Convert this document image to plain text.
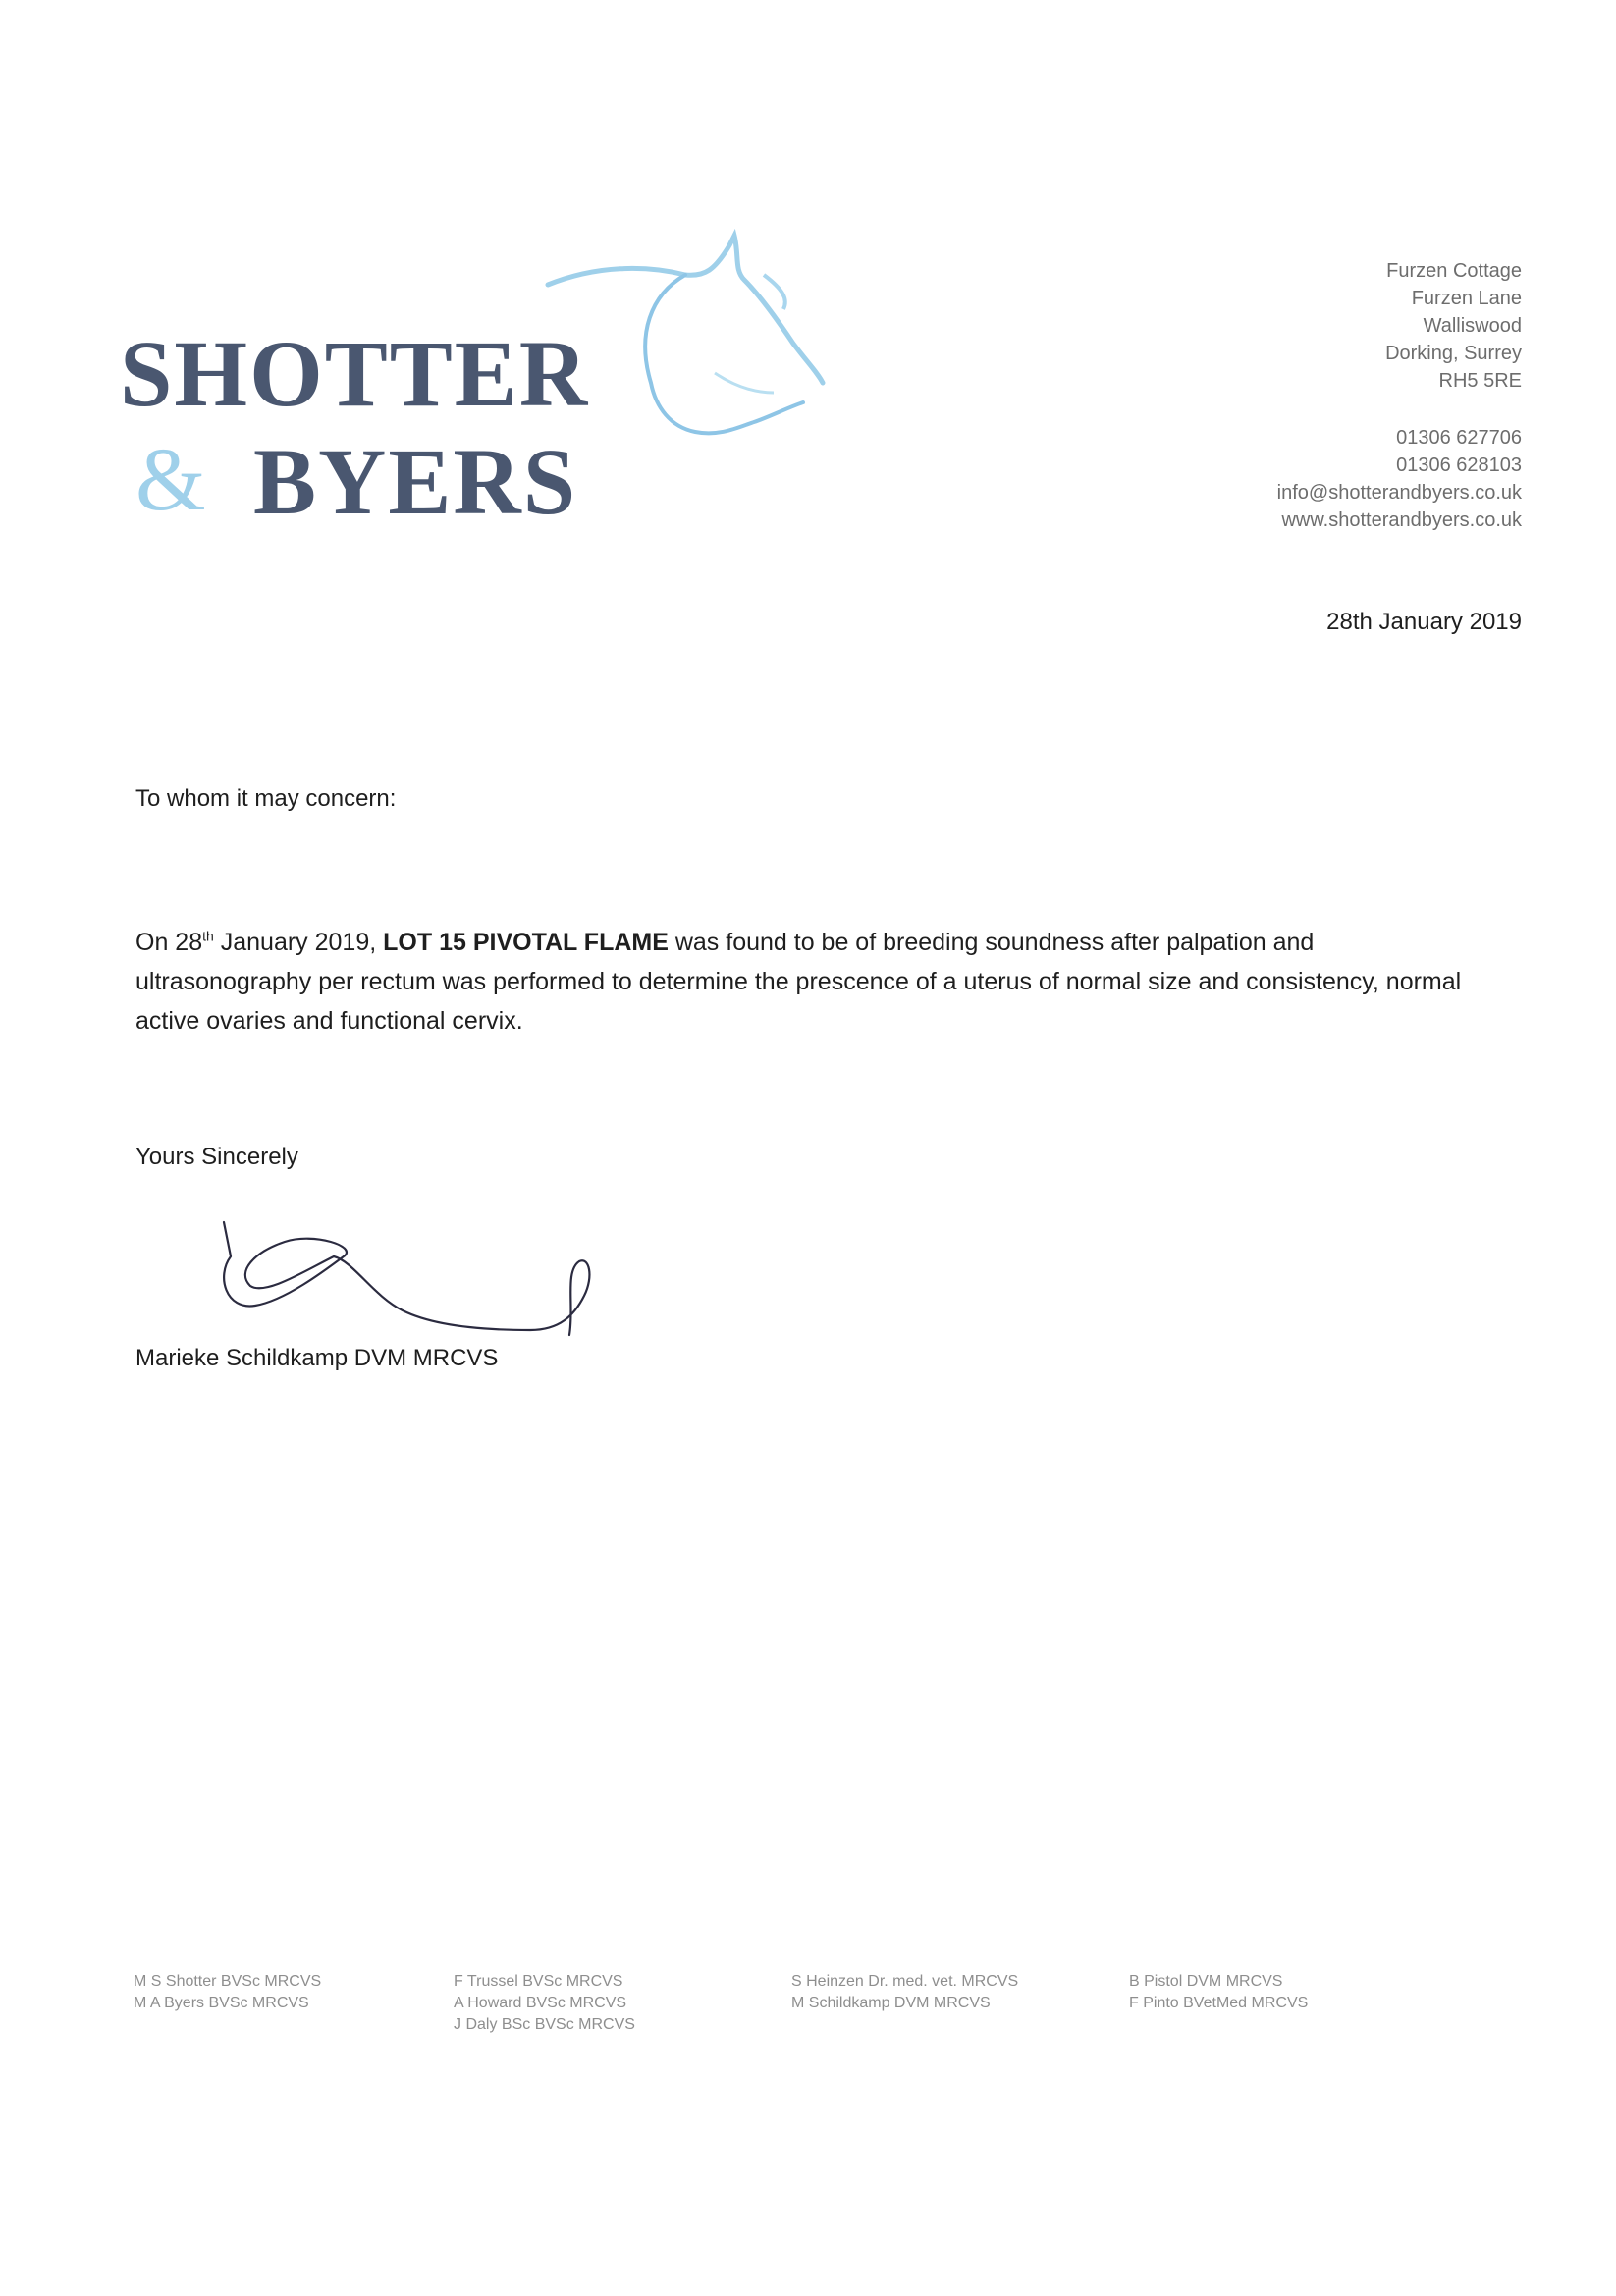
SHOTTER
& BYERS
Furzen Cottage
Furzen Lane
Walliswood
Dorking, Surrey
RH5 5RE
01306 627706
01306 628103
info@shotterandbyers.co.uk
www.shotterandbyers.co.uk
28th January 2019
To whom it may concern:
On 28th January 2019, LOT 15 PIVOTAL FLAME was found to be of breeding soundness after palpation and ultrasonography per rectum was performed to determine the prescence of a uterus of normal size and consistency, normal active ovaries and functional cervix.
Yours Sincerely
Marieke Schildkamp DVM MRCVS
M S Shotter BVSc MRCVS
M A Byers BVSc MRCVS
F Trussel BVSc MRCVS
A Howard BVSc MRCVS
J Daly BSc BVSc MRCVS
S Heinzen Dr. med. vet. MRCVS
M Schildkamp DVM MRCVS
B Pistol DVM MRCVS
F Pinto BVetMed MRCVS
